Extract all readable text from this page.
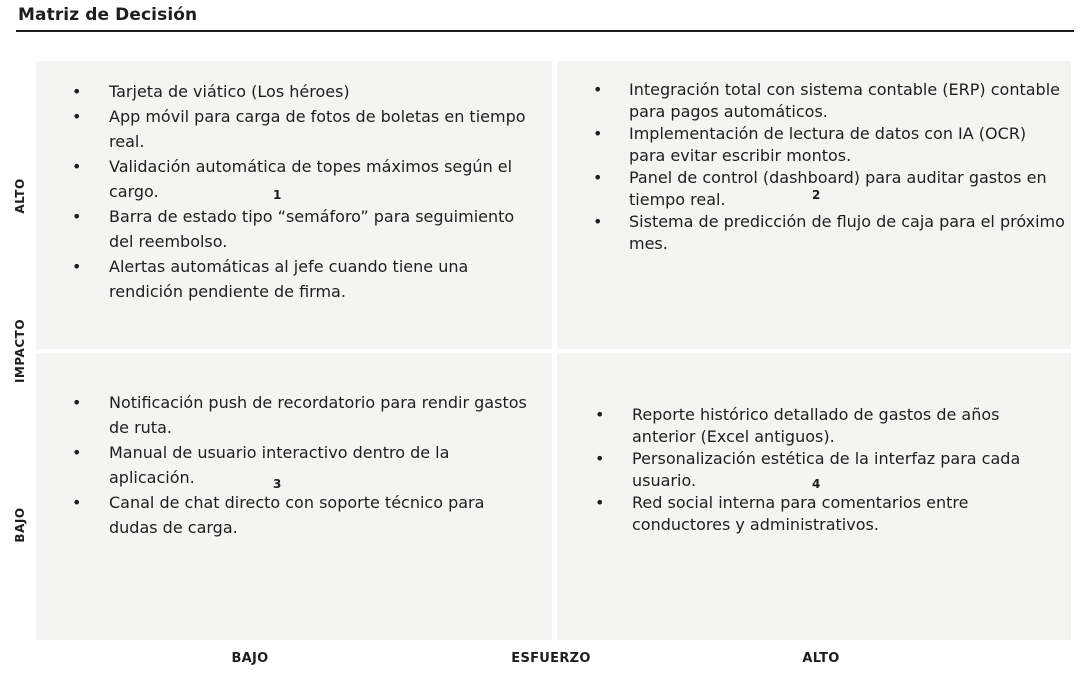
Matriz de Decisión
ALTO
IMPACTO
BAJO
• Tarjeta de viático (Los héroes)
• App móvil para carga de fotos de boletas en tiempo real.
• Validación automática de topes máximos según el cargo.
• Barra de estado tipo “semáforo” para seguimiento del reembolso.
• Alertas automáticas al jefe cuando tiene una rendición pendiente de firma.
1
• Integración total con sistema contable (ERP) contable para pagos automáticos.
• Implementación de lectura de datos con IA (OCR) para evitar escribir montos.
• Panel de control (dashboard) para auditar gastos en tiempo real.
• Sistema de predicción de flujo de caja para el próximo mes.
2
• Notificación push de recordatorio para rendir gastos de ruta.
• Manual de usuario interactivo dentro de la aplicación.
• Canal de chat directo con soporte técnico para dudas de carga.
3
• Reporte histórico detallado de gastos de años anterior (Excel antiguos).
• Personalización estética de la interfaz para cada usuario.
• Red social interna para comentarios entre conductores y administrativos.
4
BAJO	ESFUERZO	ALTO
